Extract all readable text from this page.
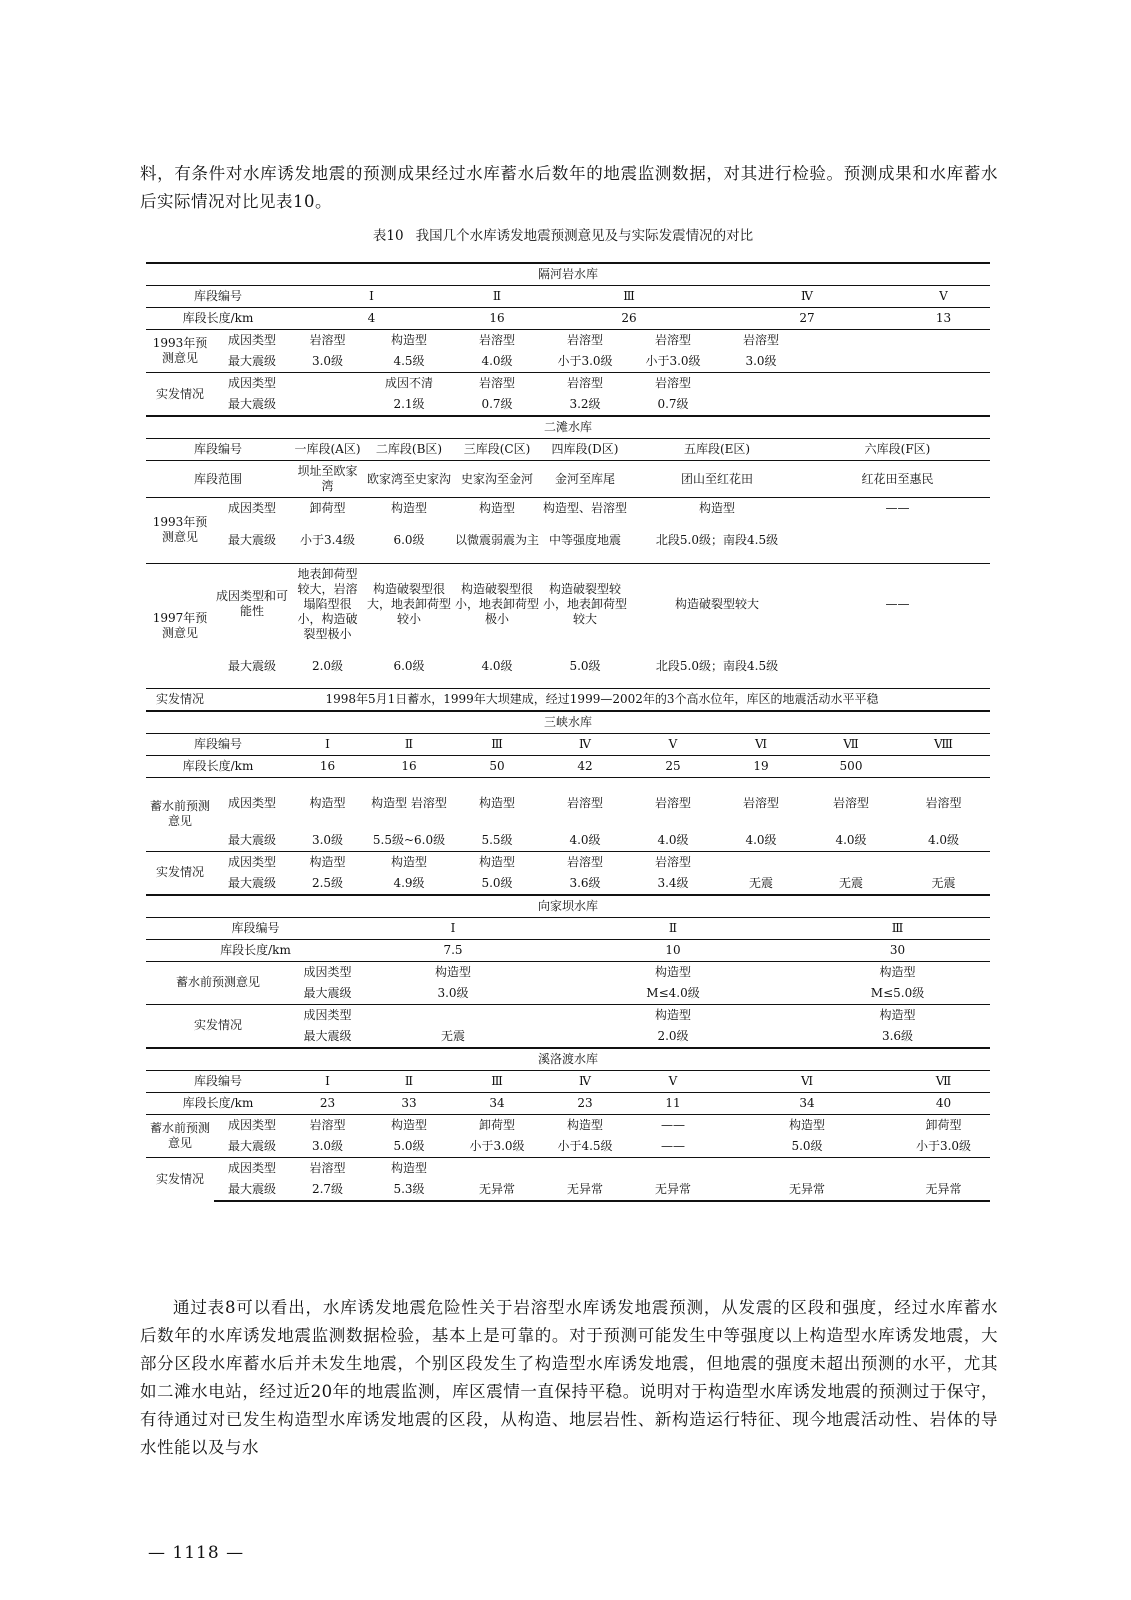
料，有条件对水库诱发地震的预测成果经过水库蓄水后数年的地震监测数据，对其进行检验。预测成果和水库蓄水后实际情况对比见表10。
表10 我国几个水库诱发地震预测意见及与实际发震情况的对比
隔河岩水库									
库段编号		Ⅰ		Ⅱ	Ⅲ		Ⅳ		Ⅴ
库段长度/km		4		16	26		27		13
1993年预测意见	成因类型	岩溶型	构造型	岩溶型	岩溶型	岩溶型	岩溶型		
	最大震级	3.0级	4.5级	4.0级	小于3.0级	小于3.0级	3.0级		
实发情况	成因类型		成因不清	岩溶型	岩溶型	岩溶型			
	最大震级		2.1级	0.7级	3.2级	0.7级			
二滩水库									
库段编号		一库段(A区)	二库段(B区)	三库段(C区)	四库段(D区)	五库段(E区)		六库段(F区)	
库段范围		坝址至欧家湾	欧家湾至史家沟	史家沟至金河	金河至库尾	团山至红花田		红花田至惠民	
1993年预测意见	成因类型	卸荷型	构造型	构造型	构造型、岩溶型	构造型		——	
	最大震级	小于3.4级	6.0级	以微震弱震为主	中等强度地震	北段5.0级；南段4.5级			
1997年预测意见	成因类型和可能性	地表卸荷型较大，岩溶塌陷型很小，构造破裂型极小	构造破裂型很大，地表卸荷型较小	构造破裂型很小，地表卸荷型极小	构造破裂型较小，地表卸荷型较大	构造破裂型较大		——	
	最大震级	2.0级	6.0级	4.0级	5.0级	北段5.0级；南段4.5级			
实发情况	1998年5月1日蓄水，1999年大坝建成，经过1999—2002年的3个高水位年，库区的地震活动水平平稳								
三峡水库									
库段编号		Ⅰ	Ⅱ	Ⅲ	Ⅳ	Ⅴ	Ⅵ	Ⅶ	Ⅷ
库段长度/km		16	16	50	42	25	19	500	
蓄水前预测意见	成因类型	构造型	构造型 岩溶型	构造型	岩溶型	岩溶型	岩溶型	岩溶型	岩溶型
	最大震级	3.0级	5.5级~6.0级	5.5级	4.0级	4.0级	4.0级	4.0级	4.0级
实发情况	成因类型	构造型	构造型	构造型	岩溶型	岩溶型			
	最大震级	2.5级	4.9级	5.0级	3.6级	3.4级	无震	无震	无震
向家坝水库									
库段编号			Ⅰ		Ⅱ			Ⅲ	
库段长度/km			7.5		10			30	
蓄水前预测意见		成因类型	构造型		构造型			构造型	
		最大震级	3.0级		M≤4.0级			M≤5.0级	
实发情况		成因类型			构造型			构造型	
		最大震级	无震		2.0级			3.6级	
溪洛渡水库									
库段编号		Ⅰ	Ⅱ	Ⅲ	Ⅳ	Ⅴ	Ⅵ		Ⅶ
库段长度/km		23	33	34	23	11	34		40
蓄水前预测意见	成因类型	岩溶型	构造型	卸荷型	构造型	——	构造型		卸荷型
	最大震级	3.0级	5.0级	小于3.0级	小于4.5级	——	5.0级		小于3.0级
实发情况	成因类型	岩溶型	构造型						
	最大震级	2.7级	5.3级	无异常	无异常	无异常	无异常		无异常
通过表8可以看出，水库诱发地震危险性关于岩溶型水库诱发地震预测，从发震的区段和强度，经过水库蓄水后数年的水库诱发地震监测数据检验，基本上是可靠的。对于预测可能发生中等强度以上构造型水库诱发地震，大部分区段水库蓄水后并未发生地震，个别区段发生了构造型水库诱发地震，但地震的强度未超出预测的水平，尤其如二滩水电站，经过近20年的地震监测，库区震情一直保持平稳。说明对于构造型水库诱发地震的预测过于保守，有待通过对已发生构造型水库诱发地震的区段，从构造、地层岩性、新构造运行特征、现今地震活动性、岩体的导水性能以及与水
— 1118 —
